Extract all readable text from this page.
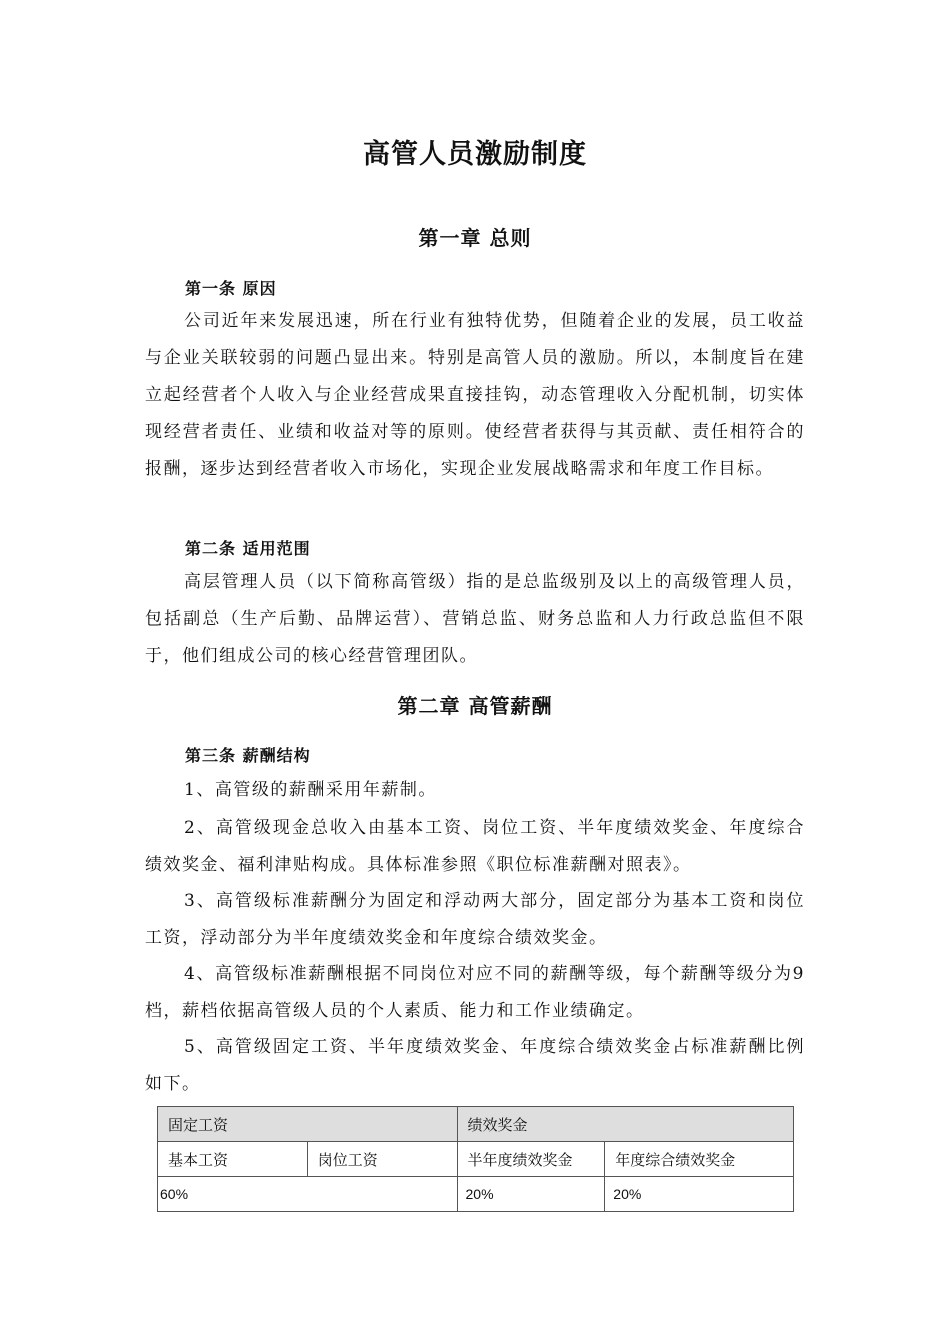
高管人员激励制度
第一章 总则
第一条 原因
公司近年来发展迅速，所在行业有独特优势，但随着企业的发展，员工收益与企业关联较弱的问题凸显出来。特别是高管人员的激励。所以，本制度旨在建立起经营者个人收入与企业经营成果直接挂钩，动态管理收入分配机制，切实体现经营者责任、业绩和收益对等的原则。使经营者获得与其贡献、责任相符合的报酬，逐步达到经营者收入市场化，实现企业发展战略需求和年度工作目标。
第二条 适用范围
高层管理人员（以下简称高管级）指的是总监级别及以上的高级管理人员，包括副总（生产后勤、品牌运营）、营销总监、财务总监和人力行政总监但不限于，他们组成公司的核心经营管理团队。
第二章 高管薪酬
第三条 薪酬结构
1、高管级的薪酬采用年薪制。
2、高管级现金总收入由基本工资、岗位工资、半年度绩效奖金、年度综合绩效奖金、福利津贴构成。具体标准参照《职位标准薪酬对照表》。
3、高管级标准薪酬分为固定和浮动两大部分，固定部分为基本工资和岗位工资，浮动部分为半年度绩效奖金和年度综合绩效奖金。
4、高管级标准薪酬根据不同岗位对应不同的薪酬等级，每个薪酬等级分为9档，薪档依据高管级人员的个人素质、能力和工作业绩确定。
5、高管级固定工资、半年度绩效奖金、年度综合绩效奖金占标准薪酬比例如下。
固定工资		绩效奖金	
基本工资	岗位工资	半年度绩效奖金	年度综合绩效奖金
60%		20%	20%
